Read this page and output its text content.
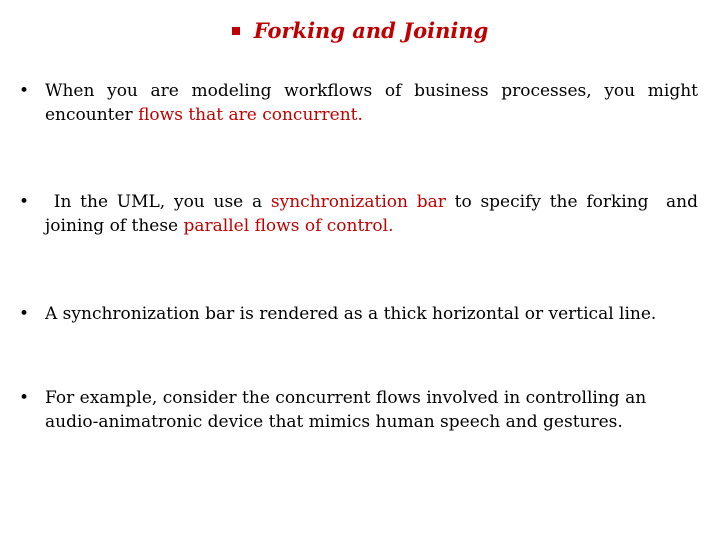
Forking and Joining
• When you are modeling workflows of business processes, you might encounter flows that are concurrent.
• In the UML, you use a synchronization bar to specify the forking  and joining of these parallel flows of control.
• A synchronization bar is rendered as a thick horizontal or vertical line.
• For example, consider the concurrent flows involved in controlling an audio-animatronic device that mimics human speech and gestures.
